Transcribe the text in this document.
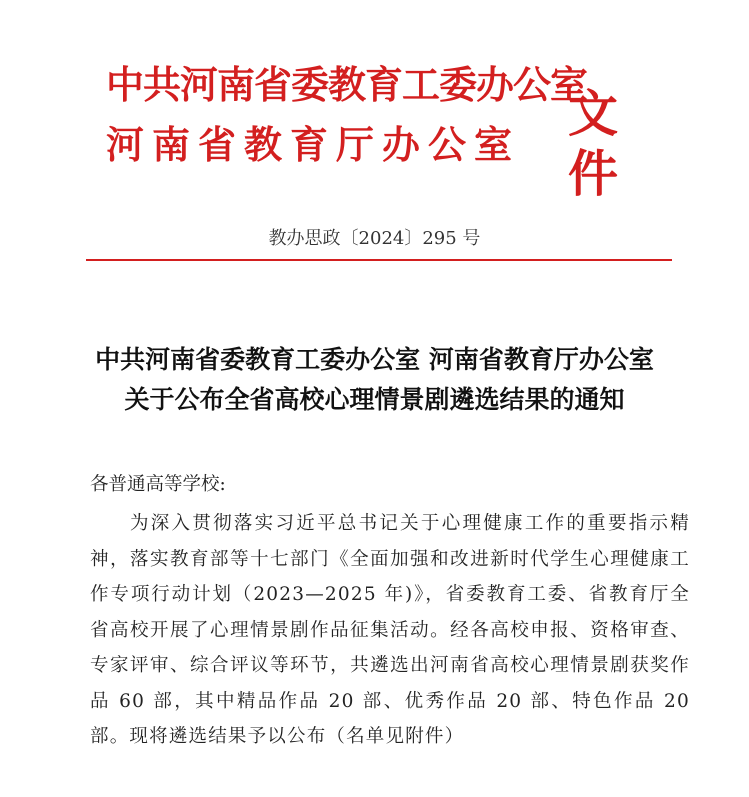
中共河南省委教育工委办公室
河南省教育厅办公室
文件
教办思政〔2024〕295 号
中共河南省委教育工委办公室 河南省教育厅办公室
关于公布全省高校心理情景剧遴选结果的通知
各普通高等学校:
为深入贯彻落实习近平总书记关于心理健康工作的重要指示精神，落实教育部等十七部门《全面加强和改进新时代学生心理健康工作专项行动计划（2023—2025 年)》，省委教育工委、省教育厅全省高校开展了心理情景剧作品征集活动。经各高校申报、资格审查、专家评审、综合评议等环节，共遴选出河南省高校心理情景剧获奖作品 60 部，其中精品作品 20 部、优秀作品 20 部、特色作品 20 部。现将遴选结果予以公布（名单见附件）
